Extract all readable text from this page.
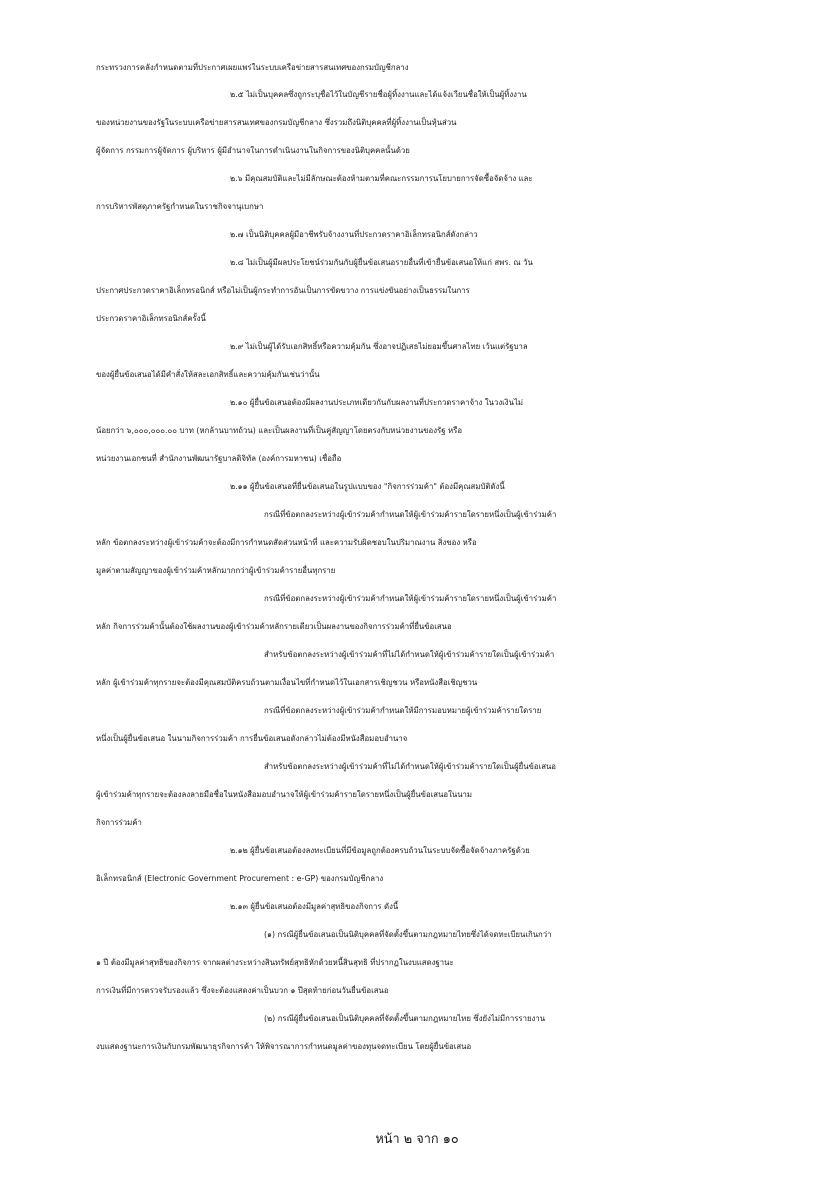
กระทรวงการคลังกำหนดตามที่ประกาศเผยแพร่ในระบบเครือข่ายสารสนเทศของกรมบัญชีกลาง
๒.๕ ไม่เป็นบุคคลซึ่งถูกระบุชื่อไว้ในบัญชีรายชื่อผู้ทิ้งงานและได้แจ้งเวียนชื่อให้เป็นผู้ทิ้งงาน
ของหน่วยงานของรัฐในระบบเครือข่ายสารสนเทศของกรมบัญชีกลาง ซึ่งรวมถึงนิติบุคคลที่ผู้ทิ้งงานเป็นหุ้นส่วน
ผู้จัดการ กรรมการผู้จัดการ ผู้บริหาร ผู้มีอำนาจในการดำเนินงานในกิจการของนิติบุคคลนั้นด้วย
๒.๖ มีคุณสมบัติและไม่มีลักษณะต้องห้ามตามที่คณะกรรมการนโยบายการจัดซื้อจัดจ้าง และ
การบริหารพัสดุภาครัฐกำหนดในราชกิจจานุเบกษา
๒.๗ เป็นนิติบุคคลผู้มีอาชีพรับจ้างงานที่ประกวดราคาอิเล็กทรอนิกส์ดังกล่าว
๒.๘ ไม่เป็นผู้มีผลประโยชน์ร่วมกันกับผู้ยื่นข้อเสนอรายอื่นที่เข้ายื่นข้อเสนอให้แก่ สพร. ณ วัน
ประกาศประกวดราคาอิเล็กทรอนิกส์ หรือไม่เป็นผู้กระทำการอันเป็นการขัดขวาง การแข่งขันอย่างเป็นธรรมในการ
ประกวดราคาอิเล็กทรอนิกส์ครั้งนี้
๒.๙ ไม่เป็นผู้ได้รับเอกสิทธิ์หรือความคุ้มกัน ซึ่งอาจปฏิเสธไม่ยอมขึ้นศาลไทย เว้นแต่รัฐบาล
ของผู้ยื่นข้อเสนอได้มีคำสั่งให้สละเอกสิทธิ์และความคุ้มกันเช่นว่านั้น
๒.๑๐ ผู้ยื่นข้อเสนอต้องมีผลงานประเภทเดียวกันกับผลงานที่ประกวดราคาจ้าง ในวงเงินไม่
น้อยกว่า ๖,๐๐๐,๐๐๐.๐๐ บาท (หกล้านบาทถ้วน) และเป็นผลงานที่เป็นคู่สัญญาโดยตรงกับหน่วยงานของรัฐ หรือ
หน่วยงานเอกชนที่ สำนักงานพัฒนารัฐบาลดิจิทัล (องค์การมหาชน) เชื่อถือ
๒.๑๑ ผู้ยื่นข้อเสนอที่ยื่นข้อเสนอในรูปแบบของ "กิจการร่วมค้า" ต้องมีคุณสมบัติดังนี้
กรณีที่ข้อตกลงระหว่างผู้เข้าร่วมค้ากำหนดให้ผู้เข้าร่วมค้ารายใดรายหนึ่งเป็นผู้เข้าร่วมค้า
หลัก ข้อตกลงระหว่างผู้เข้าร่วมค้าจะต้องมีการกำหนดสัดส่วนหน้าที่ และความรับผิดชอบในปริมาณงาน สิ่งของ หรือ
มูลค่าตามสัญญาของผู้เข้าร่วมค้าหลักมากกว่าผู้เข้าร่วมค้ารายอื่นทุกราย
กรณีที่ข้อตกลงระหว่างผู้เข้าร่วมค้ากำหนดให้ผู้เข้าร่วมค้ารายใดรายหนึ่งเป็นผู้เข้าร่วมค้า
หลัก กิจการร่วมค้านั้นต้องใช้ผลงานของผู้เข้าร่วมค้าหลักรายเดียวเป็นผลงานของกิจการร่วมค้าที่ยื่นข้อเสนอ
สำหรับข้อตกลงระหว่างผู้เข้าร่วมค้าที่ไม่ได้กำหนดให้ผู้เข้าร่วมค้ารายใดเป็นผู้เข้าร่วมค้า
หลัก ผู้เข้าร่วมค้าทุกรายจะต้องมีคุณสมบัติครบถ้วนตามเงื่อนไขที่กำหนดไว้ในเอกสารเชิญชวน หรือหนังสือเชิญชวน
กรณีที่ข้อตกลงระหว่างผู้เข้าร่วมค้ากำหนดให้มีการมอบหมายผู้เข้าร่วมค้ารายใดราย
หนึ่งเป็นผู้ยื่นข้อเสนอ ในนามกิจการร่วมค้า การยื่นข้อเสนอดังกล่าวไม่ต้องมีหนังสือมอบอำนาจ
สำหรับข้อตกลงระหว่างผู้เข้าร่วมค้าที่ไม่ได้กำหนดให้ผู้เข้าร่วมค้ารายใดเป็นผู้ยื่นข้อเสนอ
ผู้เข้าร่วมค้าทุกรายจะต้องลงลายมือชื่อในหนังสือมอบอำนาจให้ผู้เข้าร่วมค้ารายใดรายหนึ่งเป็นผู้ยื่นข้อเสนอในนาม
กิจการร่วมค้า
๒.๑๒ ผู้ยื่นข้อเสนอต้องลงทะเบียนที่มีข้อมูลถูกต้องครบถ้วนในระบบจัดซื้อจัดจ้างภาครัฐด้วย
อิเล็กทรอนิกส์ (Electronic Government Procurement : e-GP) ของกรมบัญชีกลาง
๒.๑๓ ผู้ยื่นข้อเสนอต้องมีมูลค่าสุทธิของกิจการ ดังนี้
(๑) กรณีผู้ยื่นข้อเสนอเป็นนิติบุคคลที่จัดตั้งขึ้นตามกฎหมายไทยซึ่งได้จดทะเบียนเกินกว่า
๑ ปี ต้องมีมูลค่าสุทธิของกิจการ จากผลต่างระหว่างสินทรัพย์สุทธิหักด้วยหนี้สินสุทธิ ที่ปรากฏในงบแสดงฐานะ
การเงินที่มีการตรวจรับรองแล้ว ซึ่งจะต้องแสดงค่าเป็นบวก ๑ ปีสุดท้ายก่อนวันยื่นข้อเสนอ
(๒) กรณีผู้ยื่นข้อเสนอเป็นนิติบุคคลที่จัดตั้งขึ้นตามกฎหมายไทย ซึ่งยังไม่มีการรายงาน
งบแสดงฐานะการเงินกับกรมพัฒนาธุรกิจการค้า ให้พิจารณาการกำหนดมูลค่าของทุนจดทะเบียน โดยผู้ยื่นข้อเสนอ
หน้า ๒ จาก ๑๐
